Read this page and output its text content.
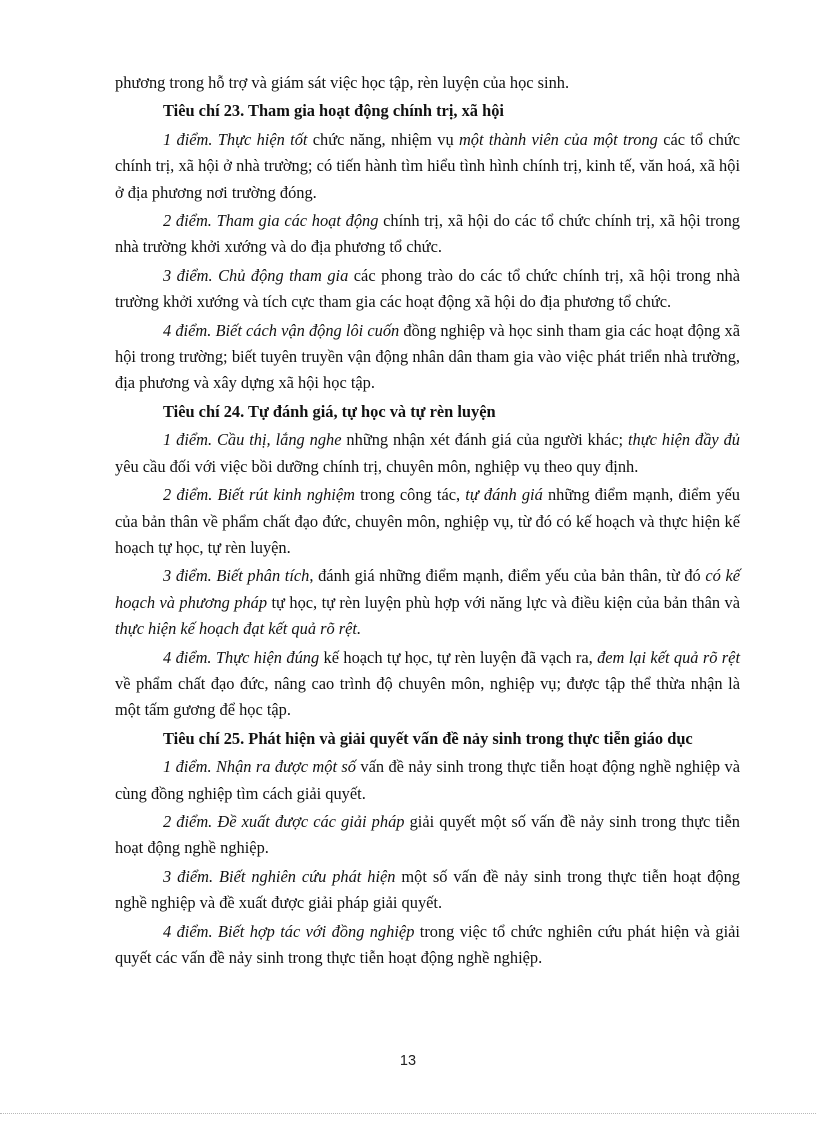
phương trong hỗ trợ và giám sát việc học tập, rèn luyện của học sinh.

Tiêu chí 23. Tham gia hoạt động chính trị, xã hội

1 điểm. Thực hiện tốt chức năng, nhiệm vụ một thành viên của một trong các tổ chức chính trị, xã hội ở nhà trường; có tiến hành tìm hiểu tình hình chính trị, kinh tế, văn hoá, xã hội ở địa phương nơi trường đóng.

2 điểm. Tham gia các hoạt động chính trị, xã hội do các tổ chức chính trị, xã hội trong nhà trường khởi xướng và do địa phương tổ chức.

3 điểm. Chủ động tham gia các phong trào do các tổ chức chính trị, xã hội trong nhà trường khởi xướng và tích cực tham gia các hoạt động xã hội do địa phương tổ chức.

4 điểm. Biết cách vận động lôi cuốn đồng nghiệp và học sinh tham gia các hoạt động xã hội trong trường; biết tuyên truyền vận động nhân dân tham gia vào việc phát triển nhà trường, địa phương và xây dựng xã hội học tập.

Tiêu chí 24. Tự đánh giá, tự học và tự rèn luyện

1 điểm. Cầu thị, lắng nghe những nhận xét đánh giá của người khác; thực hiện đầy đủ yêu cầu đối với việc bồi dưỡng chính trị, chuyên môn, nghiệp vụ theo quy định.

2 điểm. Biết rút kinh nghiệm trong công tác, tự đánh giá những điểm mạnh, điểm yếu của bản thân về phẩm chất đạo đức, chuyên môn, nghiệp vụ, từ đó có kế hoạch và thực hiện kế hoạch tự học, tự rèn luyện.

3 điểm. Biết phân tích, đánh giá những điểm mạnh, điểm yếu của bản thân, từ đó có kế hoạch và phương pháp tự học, tự rèn luyện phù hợp với năng lực và điều kiện của bản thân và thực hiện kế hoạch đạt kết quả rõ rệt.

4 điểm. Thực hiện đúng kế hoạch tự học, tự rèn luyện đã vạch ra, đem lại kết quả rõ rệt về phẩm chất đạo đức, nâng cao trình độ chuyên môn, nghiệp vụ; được tập thể thừa nhận là một tấm gương để học tập.

Tiêu chí 25. Phát hiện và giải quyết vấn đề nảy sinh trong thực tiễn giáo dục

1 điểm. Nhận ra được một số vấn đề nảy sinh trong thực tiễn hoạt động nghề nghiệp và cùng đồng nghiệp tìm cách giải quyết.

2 điểm. Đề xuất được các giải pháp giải quyết một số vấn đề nảy sinh trong thực tiễn hoạt động nghề nghiệp.

3 điểm. Biết nghiên cứu phát hiện một số vấn đề nảy sinh trong thực tiễn hoạt động nghề nghiệp và đề xuất được giải pháp giải quyết.

4 điểm. Biết hợp tác với đồng nghiệp trong việc tổ chức nghiên cứu phát hiện và giải quyết các vấn đề nảy sinh trong thực tiễn hoạt động nghề nghiệp.

13
